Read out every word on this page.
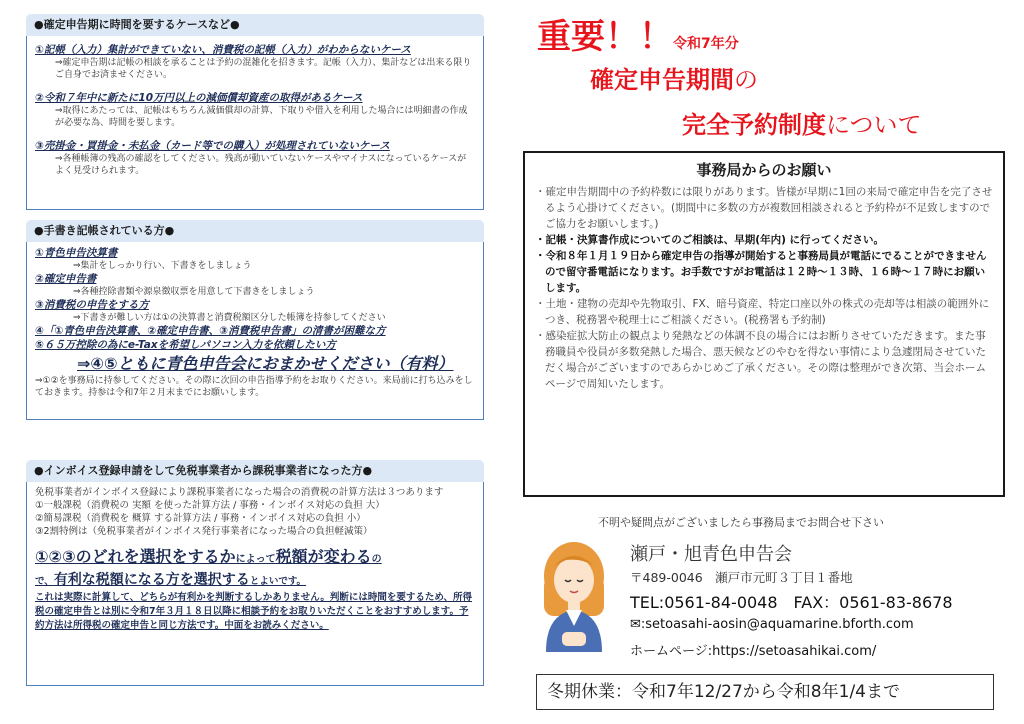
●確定申告期に時間を要するケースなど●
①記帳（入力）集計ができていない、消費税の記帳（入力）がわからないケース
⇒確定申告期は記帳の相談を承ることは予約の混雑化を招きます。記帳（入力）、集計などは出来る限りご自身でお済ませください。
②令和７年中に新たに10万円以上の減価償却資産の取得があるケース
⇒取得にあたっては、記帳はもちろん減価償却の計算、下取りや借入を利用した場合には明細書の作成が必要な為、時間を要します。
③売掛金・買掛金・未払金（カード等での購入）が処理されていないケース
⇒各種帳簿の残高の確認をしてください。残高が動いていないケースやマイナスになっているケースがよく見受けられます。
●手書き記帳されている方●
①青色申告決算書
⇒集計をしっかり行い、下書きをしましょう
②確定申告書
⇒各種控除書類や源泉徴収票を用意して下書きをしましょう
③消費税の申告をする方
⇒下書きが難しい方は①の決算書と消費税額区分した帳簿を持参してください
④「①青色申告決算書、②確定申告書、③消費税申告書」の清書が困難な方
⑤６５万控除の為にe-Taxを希望しパソコン入力を依頼したい方
⇒④⑤ともに青色申告会におまかせください（有料）
⇒①②を事務局に持参してください。その際に次回の申告指導予約をお取りください。来局前に打ち込みをしておきます。持参は令和7年２月末までにお願いします。
●インボイス登録申請をして免税事業者から課税事業者になった方●
免税事業者がインボイス登録により課税事業者になった場合の消費税の計算方法は３つあります
①一般課税（消費税の 実額 を使った計算方法 / 事務・インボイス対応の負担 大）
②簡易課税（消費税を 概算 する計算方法 / 事務・インボイス対応の負担 小）
③2割特例は（免税事業者がインボイス発行事業者になった場合の負担軽減策）
①②③のどれを選択をするかによって税額が変わるの
で、有利な税額になる方を選択するとよいです。
これは実際に計算して、どちらが有利かを判断するしかありません。判断には時間を要するため、所得税の確定申告とは別に令和7年３月１８日以降に相談予約をお取りいただくことをおすすめします。予約方法は所得税の確定申告と同じ方法です。中面をお読みください。
重要！！令和7年分
確定申告期間の
完全予約制度について
事務局からのお願い
・確定申告期間中の予約枠数には限りがあります。皆様が早期に1回の来局で確定申告を完了させるよう心掛けてください。(期間中に多数の方が複数回相談されると予約枠が不足致しますのでご協力をお願いします。)
・記帳・決算書作成についてのご相談は、早期(年内) に行ってください。
・令和８年１月１９日から確定申告の指導が開始すると事務局員が電話にでることができませんので留守番電話になります。お手数ですがお電話は１２時～１３時、１６時～１７時にお願いします。
・土地・建物の売却や先物取引、FX、暗号資産、特定口座以外の株式の売却等は相談の範囲外につき、税務署や税理士にご相談ください。(税務署も予約制)
・感染症拡大防止の観点より発熱などの体調不良の場合にはお断りさせていただきます。また事務職員や役員が多数発熱した場合、悪天候などのやむを得ない事情により急遽閉局させていただく場合がございますのであらかじめご了承ください。その際は整理ができ次第、当会ホームページで周知いたします。
不明や疑問点がございましたら事務局までお問合せ下さい
瀬戸・旭青色申告会
〒489-0046　瀬戸市元町３丁目１番地
TEL:0561-84-0048　FAX：0561-83-8678
✉:setoasahi-aosin@aquamarine.bforth.com
ホームページ:https://setoasahikai.com/
冬期休業：令和7年12/27から令和8年1/4まで
